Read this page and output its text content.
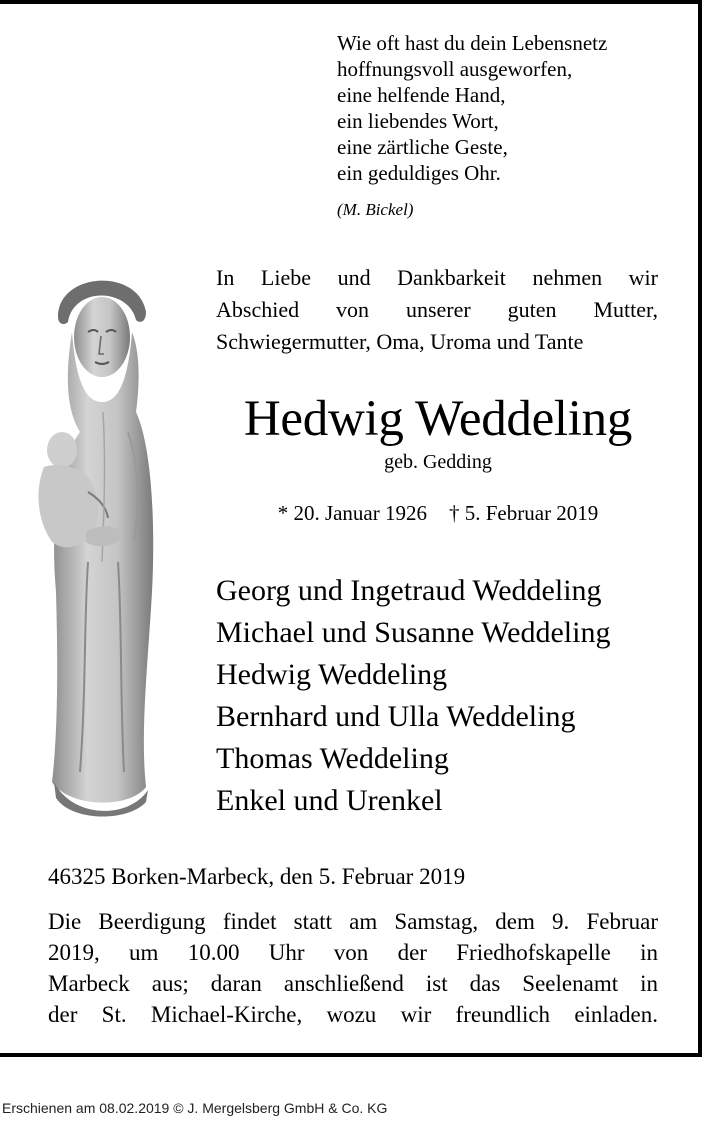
Wie oft hast du dein Lebensnetz
hoffnungsvoll ausgeworfen,
eine helfende Hand,
ein liebendes Wort,
eine zärtliche Geste,
ein geduldiges Ohr.
(M. Bickel)
In Liebe und Dankbarkeit nehmen wir
Abschied von unserer guten Mutter,
Schwiegermutter, Oma, Uroma und Tante
Hedwig Weddeling
geb. Gedding
* 20. Januar 1926 † 5. Februar 2019
Georg und Ingetraud Weddeling
Michael und Susanne Weddeling
Hedwig Weddeling
Bernhard und Ulla Weddeling
Thomas Weddeling
Enkel und Urenkel
46325 Borken-Marbeck, den 5. Februar 2019
Die Beerdigung findet statt am Samstag, dem 9. Februar
2019, um 10.00 Uhr von der Friedhofskapelle in
Marbeck aus; daran anschließend ist das Seelenamt in
der St. Michael-Kirche, wozu wir freundlich einladen.
Erschienen am 08.02.2019 © J. Mergelsberg GmbH & Co. KG
